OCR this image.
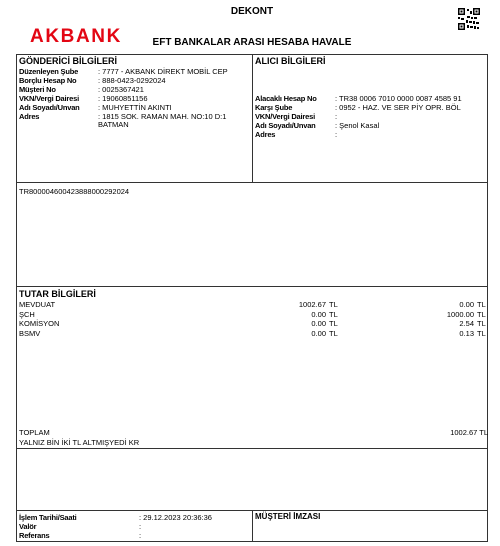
AKBANK
DEKONT
EFT BANKALAR ARASI HESABA HAVALE
GÖNDERİCİ BİLGİLERİ
Düzenleyen Şube	: 7777 - AKBANK DİREKT MOBİL CEP
Borçlu Hesap No	: 888-0423-0292024
Müşteri No	: 0025367421
VKN/Vergi Dairesi	: 19060851156
Adı Soyadı/Unvan	: MUHYETTİN AKINTI
Adres	: 1815 SOK. RAMAN MAH. NO:10 D:1
BATMAN
ALICI BİLGİLERİ
Alacaklı Hesap No	: TR38 0006 7010 0000 0087 4585 91
Karşı Şube	: 0952 - HAZ. VE SER PİY OPR. BÖL
VKN/Vergi Dairesi	:
Adı Soyadı/Unvan	: Şenol Kasal
Adres	:
TR80000460042388800029202​4
TUTAR BİLGİLERİ
MEVDUAT	1002.67 TL	0.00 TL
ŞCH	0.00 TL	1000.00 TL
KOMİSYON	0.00 TL	2.54 TL
BSMV	0.00 TL	0.13 TL
TOPLAM	1002.67 TL
YALNIZ BİN İKİ TL ALTMIŞYEDİ KR
İşlem Tarihi/Saati	: 29.12.2023 20:36:36
Valör	:
Referans	:
MÜŞTERİ İMZASI
